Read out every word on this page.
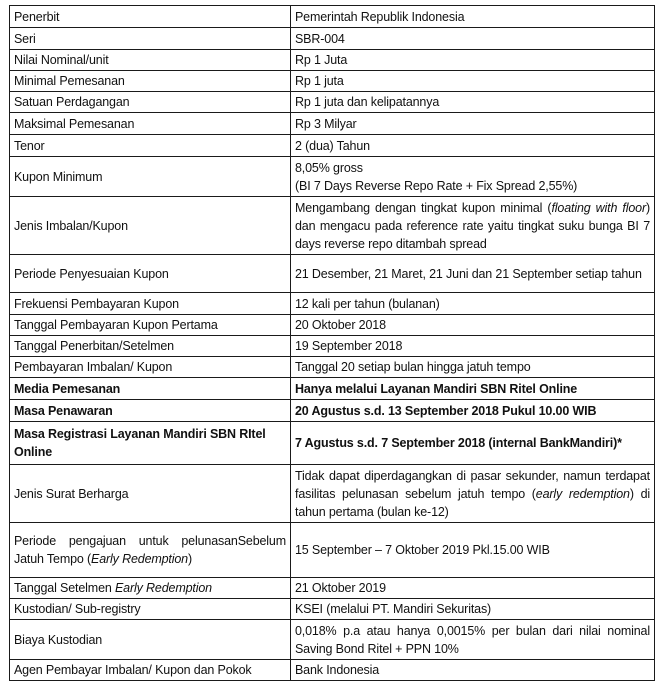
Penerbit	Pemerintah Republik Indonesia
Seri	SBR-004
Nilai Nominal/unit	Rp 1 Juta
Minimal Pemesanan	Rp 1 juta
Satuan Perdagangan	Rp 1 juta dan kelipatannya
Maksimal Pemesanan	Rp 3 Milyar
Tenor	2 (dua) Tahun
Kupon Minimum	8,05% gross
(BI 7 Days Reverse Repo Rate + Fix Spread 2,55%)

Jenis Imbalan/Kupon	Mengambang dengan tingkat kupon minimal (floating with floor) dan mengacu pada reference rate yaitu tingkat suku bunga BI 7 days reverse repo ditambah spread
Periode Penyesuaian Kupon	21 Desember, 21 Maret, 21 Juni dan 21 September setiap tahun
Frekuensi Pembayaran Kupon	12 kali per tahun (bulanan)
Tanggal Pembayaran Kupon Pertama	20 Oktober 2018
Tanggal Penerbitan/Setelmen	19 September 2018
Pembayaran Imbalan/ Kupon	Tanggal 20 setiap bulan hingga jatuh tempo
Media Pemesanan	Hanya melalui Layanan Mandiri SBN Ritel Online
Masa Penawaran	20 Agustus s.d. 13 September 2018 Pukul 10.00 WIB
Masa Registrasi Layanan Mandiri SBN RItel Online	7 Agustus s.d. 7 September 2018 (internal BankMandiri)*
Jenis Surat Berharga	Tidak dapat diperdagangkan di pasar sekunder, namun terdapat fasilitas pelunasan sebelum jatuh tempo (early redemption) di tahun pertama (bulan ke-12)
Periode pengajuan untuk pelunasanSebelum Jatuh Tempo (Early Redemption)	15 September – 7 Oktober 2019 Pkl.15.00 WIB
Tanggal Setelmen Early Redemption	21 Oktober 2019
Kustodian/ Sub-registry	KSEI (melalui PT. Mandiri Sekuritas)
Biaya Kustodian	0,018% p.a atau hanya 0,0015% per bulan dari nilai nominal Saving Bond Ritel + PPN 10%
Agen Pembayar Imbalan/ Kupon dan Pokok	Bank Indonesia
